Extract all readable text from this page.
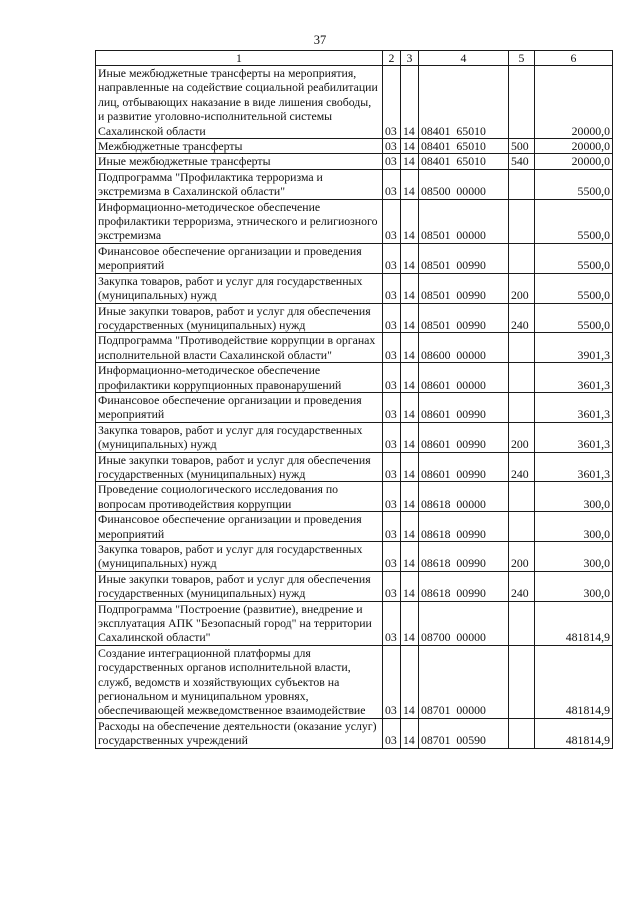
37
1	2	3	4	5	6
Иные межбюджетные трансферты на мероприятия, направленные на содействие социальной реабилитации лиц, отбывающих наказание в виде лишения свободы, и развитие уголовно-исполнительной системы Сахалинской области	03	14	08401  65010		20000,0
Межбюджетные трансферты	03	14	08401  65010	500	20000,0
Иные межбюджетные трансферты	03	14	08401  65010	540	20000,0
Подпрограмма "Профилактика терроризма и экстремизма в Сахалинской области"	03	14	08500  00000		5500,0
Информационно-методическое обеспечение профилактики терроризма, этнического и религиозного экстремизма	03	14	08501  00000		5500,0
Финансовое обеспечение организации и проведения мероприятий	03	14	08501  00990		5500,0
Закупка товаров, работ и услуг для государственных (муниципальных) нужд	03	14	08501  00990	200	5500,0
Иные закупки товаров, работ и услуг для обеспечения государственных (муниципальных) нужд	03	14	08501  00990	240	5500,0
Подпрограмма "Противодействие коррупции в органах исполнительной власти Сахалинской области"	03	14	08600  00000		3901,3
Информационно-методическое обеспечение профилактики коррупционных правонарушений	03	14	08601  00000		3601,3
Финансовое обеспечение организации и проведения мероприятий	03	14	08601  00990		3601,3
Закупка товаров, работ и услуг для государственных (муниципальных) нужд	03	14	08601  00990	200	3601,3
Иные закупки товаров, работ и услуг для обеспечения государственных (муниципальных) нужд	03	14	08601  00990	240	3601,3
Проведение социологического исследования по вопросам противодействия коррупции	03	14	08618  00000		300,0
Финансовое обеспечение организации и проведения мероприятий	03	14	08618  00990		300,0
Закупка товаров, работ и услуг для государственных (муниципальных) нужд	03	14	08618  00990	200	300,0
Иные закупки товаров, работ и услуг для обеспечения государственных (муниципальных) нужд	03	14	08618  00990	240	300,0
Подпрограмма "Построение (развитие), внедрение и эксплуатация АПК "Безопасный город" на территории Сахалинской области"	03	14	08700  00000		481814,9
Создание интеграционной платформы для государственных органов исполнительной власти, служб, ведомств и хозяйствующих субъектов на региональном и муниципальном уровнях, обеспечивающей межведомственное взаимодействие	03	14	08701  00000		481814,9
Расходы на обеспечение деятельности (оказание услуг) государственных учреждений	03	14	08701  00590		481814,9
